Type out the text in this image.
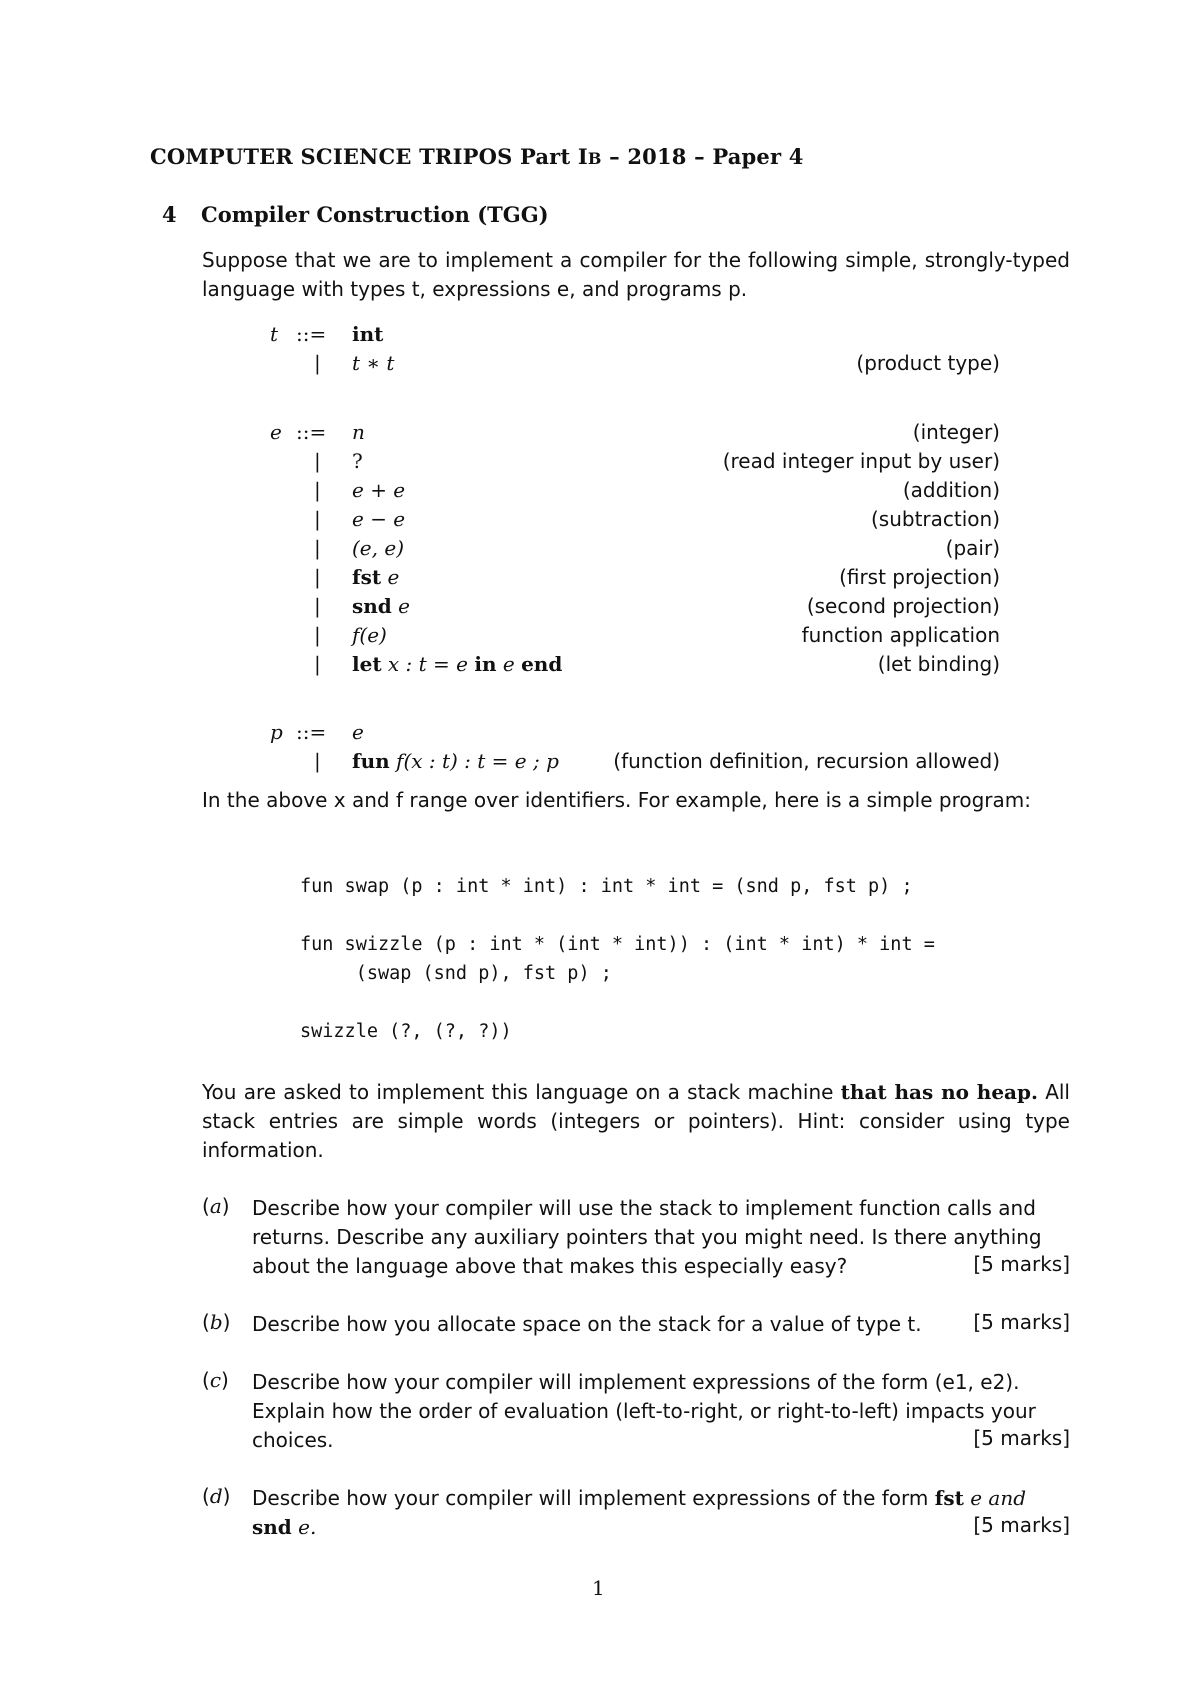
COMPUTER SCIENCE TRIPOS Part IB – 2018 – Paper 4
4 Compiler Construction (TGG)
Suppose that we are to implement a compiler for the following simple, strongly-typed language with types t, expressions e, and programs p.
t ::= int
| t ∗ t	(product type)
e ::= n	(integer)
| ?	(read integer input by user)
| e + e	(addition)
| e − e	(subtraction)
| (e, e)	(pair)
| fst e	(first projection)
| snd e	(second projection)
| f(e)	function application
| let x : t = e in e end	(let binding)
p ::= e
| fun f(x : t) : t = e ; p	(function definition, recursion allowed)
In the above x and f range over identifiers. For example, here is a simple program:
fun swap (p : int * int) : int * int = (snd p, fst p) ;
fun swizzle (p : int * (int * int)) : (int * int) * int =
(swap (snd p), fst p) ;
swizzle (?, (?, ?))
You are asked to implement this language on a stack machine that has no heap. All stack entries are simple words (integers or pointers). Hint: consider using type information.
(a) Describe how your compiler will use the stack to implement function calls and returns. Describe any auxiliary pointers that you might need. Is there anything about the language above that makes this especially easy?	[5 marks]
(b) Describe how you allocate space on the stack for a value of type t.	[5 marks]
(c) Describe how your compiler will implement expressions of the form (e1, e2). Explain how the order of evaluation (left-to-right, or right-to-left) impacts your choices.	[5 marks]
(d) Describe how your compiler will implement expressions of the form fst e and snd e.	[5 marks]
1
